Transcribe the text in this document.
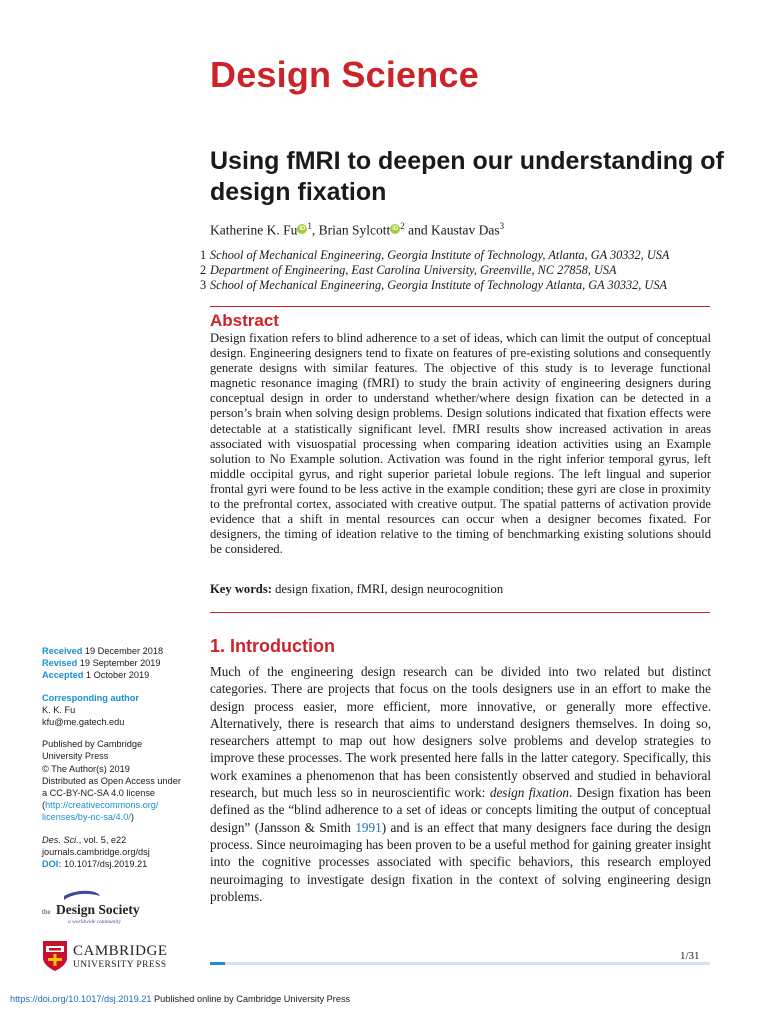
Design Science
Using fMRI to deepen our understanding of design fixation
Katherine K. Fu iD $^1$, Brian Sylcott iD $^2$ and Kaustav Das$^3$
1 School of Mechanical Engineering, Georgia Institute of Technology, Atlanta, GA 30332, USA
2 Department of Engineering, East Carolina University, Greenville, NC 27858, USA
3 School of Mechanical Engineering, Georgia Institute of Technology Atlanta, GA 30332, USA
Abstract
Design fixation refers to blind adherence to a set of ideas, which can limit the output of conceptual design. Engineering designers tend to fixate on features of pre-existing solutions and consequently generate designs with similar features. The objective of this study is to leverage functional magnetic resonance imaging (fMRI) to study the brain activity of engineering designers during conceptual design in order to understand whether/where design fixation can be detected in a person’s brain when solving design problems. Design solutions indicated that fixation effects were detectable at a statistically significant level. fMRI results show increased activation in areas associated with visuospatial processing when comparing ideation activities using an Example solution to No Example solution. Activation was found in the right inferior temporal gyrus, left middle occipital gyrus, and right superior parietal lobule regions. The left lingual and superior frontal gyri were found to be less active in the example condition; these gyri are close in proximity to the prefrontal cortex, associated with creative output. The spatial patterns of activation provide evidence that a shift in mental resources can occur when a designer becomes fixated. For designers, the timing of ideation relative to the timing of benchmarking existing solutions should be considered.
Key words: design fixation, fMRI, design neurocognition
1. Introduction
Much of the engineering design research can be divided into two related but distinct categories. There are projects that focus on the tools designers use in an effort to make the design process easier, more efficient, more innovative, or generally more effective. Alternatively, there is research that aims to understand designers themselves. In doing so, researchers attempt to map out how designers solve problems and develop strategies to improve these processes. The work presented here falls in the latter category. Specifically, this work examines a phenomenon that has been consistently observed and studied in behavioral research, but much less so in neuroscientific work: design fixation. Design fixation has been defined as the “blind adherence to a set of ideas or concepts limiting the output of conceptual design” (Jansson & Smith 1991) and is an effect that many designers face during the design process. Since neuroimaging has been proven to be a useful method for gaining greater insight into the cognitive processes associated with specific behaviors, this research employed neuroimaging to investigate design fixation in the context of solving engineering design problems.
Received 19 December 2018
Revised 19 September 2019
Accepted 1 October 2019
Corresponding author
K. K. Fu
kfu@me.gatech.edu
Published by Cambridge
University Press
© The Author(s) 2019
Distributed as Open Access under
a CC-BY-NC-SA 4.0 license
(http://creativecommons.org/
licenses/by-nc-sa/4.0/)
Des. Sci., vol. 5, e22
journals.cambridge.org/dsj
DOI: 10.1017/dsj.2019.21
the Design Society
a worldwide community
CAMBRIDGE
UNIVERSITY PRESS
1/31
https://doi.org/10.1017/dsj.2019.21 Published online by Cambridge University Press
